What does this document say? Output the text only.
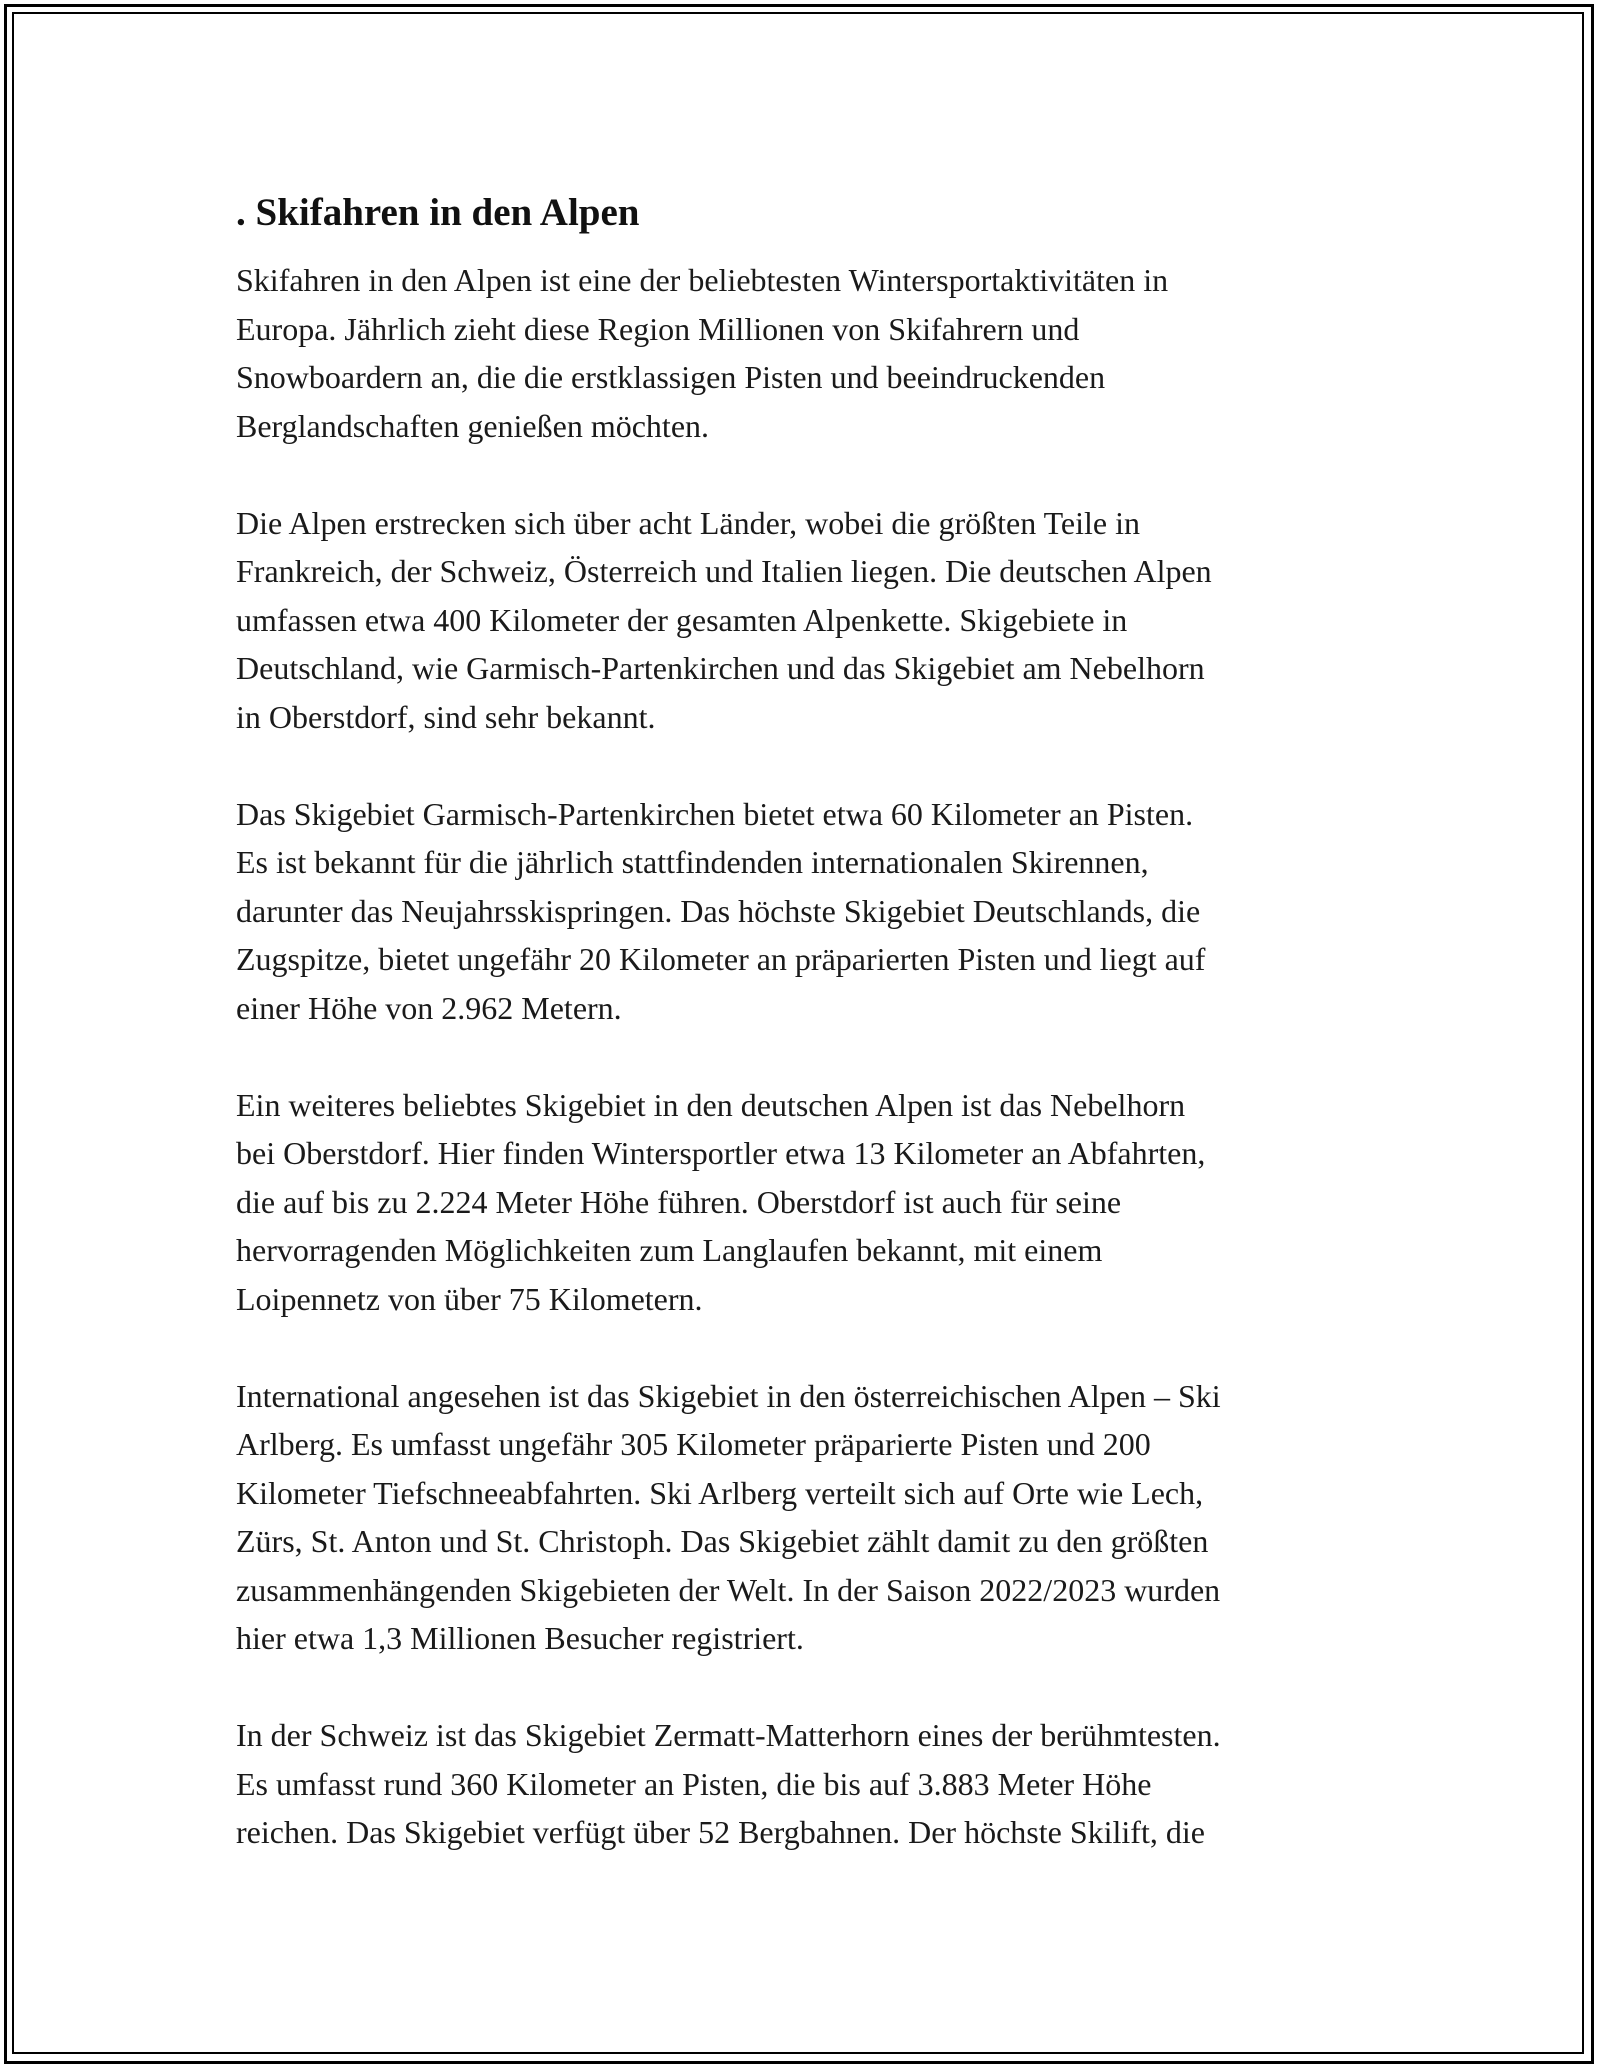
. Skifahren in den Alpen

Skifahren in den Alpen ist eine der beliebtesten Wintersportaktivitäten in
Europa. Jährlich zieht diese Region Millionen von Skifahrern und
Snowboardern an, die die erstklassigen Pisten und beeindruckenden
Berglandschaften genießen möchten.

Die Alpen erstrecken sich über acht Länder, wobei die größten Teile in
Frankreich, der Schweiz, Österreich und Italien liegen. Die deutschen Alpen
umfassen etwa 400 Kilometer der gesamten Alpenkette. Skigebiete in
Deutschland, wie Garmisch-Partenkirchen und das Skigebiet am Nebelhorn
in Oberstdorf, sind sehr bekannt.

Das Skigebiet Garmisch-Partenkirchen bietet etwa 60 Kilometer an Pisten.
Es ist bekannt für die jährlich stattfindenden internationalen Skirennen,
darunter das Neujahrsskispringen. Das höchste Skigebiet Deutschlands, die
Zugspitze, bietet ungefähr 20 Kilometer an präparierten Pisten und liegt auf
einer Höhe von 2.962 Metern.

Ein weiteres beliebtes Skigebiet in den deutschen Alpen ist das Nebelhorn
bei Oberstdorf. Hier finden Wintersportler etwa 13 Kilometer an Abfahrten,
die auf bis zu 2.224 Meter Höhe führen. Oberstdorf ist auch für seine
hervorragenden Möglichkeiten zum Langlaufen bekannt, mit einem
Loipennetz von über 75 Kilometern.

International angesehen ist das Skigebiet in den österreichischen Alpen – Ski
Arlberg. Es umfasst ungefähr 305 Kilometer präparierte Pisten und 200
Kilometer Tiefschneeabfahrten. Ski Arlberg verteilt sich auf Orte wie Lech,
Zürs, St. Anton und St. Christoph. Das Skigebiet zählt damit zu den größten
zusammenhängenden Skigebieten der Welt. In der Saison 2022/2023 wurden
hier etwa 1,3 Millionen Besucher registriert.

In der Schweiz ist das Skigebiet Zermatt-Matterhorn eines der berühmtesten.
Es umfasst rund 360 Kilometer an Pisten, die bis auf 3.883 Meter Höhe
reichen. Das Skigebiet verfügt über 52 Bergbahnen. Der höchste Skilift, die
